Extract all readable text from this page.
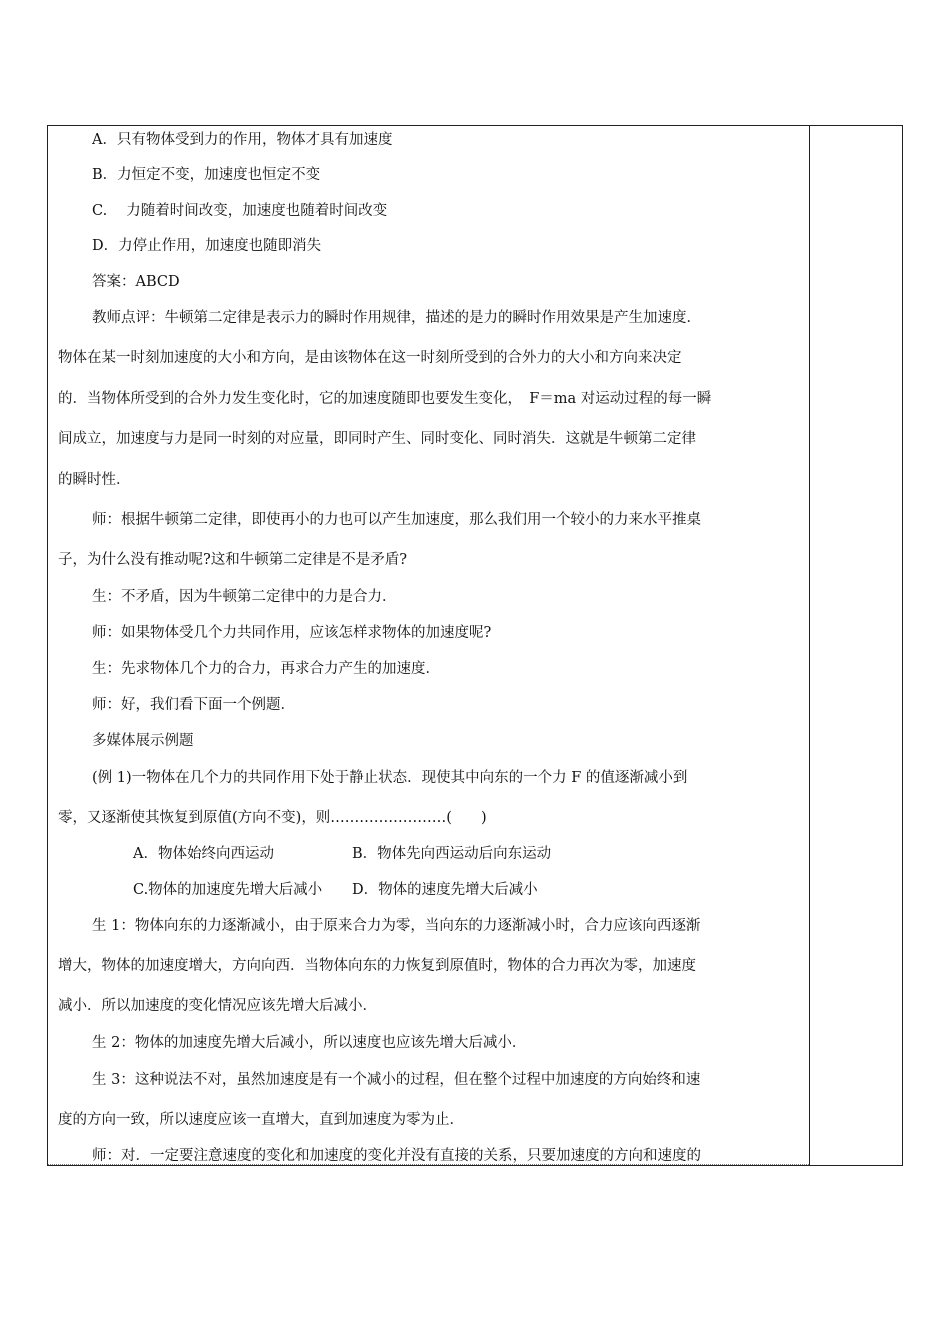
A．只有物体受到力的作用，物体才具有加速度
B．力恒定不变，加速度也恒定不变
C.　 力随着时间改变，加速度也随着时间改变
D．力停止作用，加速度也随即消失
答案：ABCD
教师点评：牛顿第二定律是表示力的瞬时作用规律，描述的是力的瞬时作用效果是产生加速度．
物体在某一时刻加速度的大小和方向，是由该物体在这一时刻所受到的合外力的大小和方向来决定
的．当物体所受到的合外力发生变化时，它的加速度随即也要发生变化，　F＝ma 对运动过程的每一瞬
间成立，加速度与力是同一时刻的对应量，即同时产生、同时变化、同时消失．这就是牛顿第二定律
的瞬时性．
师：根据牛顿第二定律，即使再小的力也可以产生加速度，那么我们用一个较小的力来水平推桌
子，为什么没有推动呢?这和牛顿第二定律是不是矛盾?
生：不矛盾，因为牛顿第二定律中的力是合力．
师：如果物体受几个力共同作用，应该怎样求物体的加速度呢?
生：先求物体几个力的合力，再求合力产生的加速度．
师：好，我们看下面一个例题．
多媒体展示例题
(例 1)一物体在几个力的共同作用下处于静止状态．现使其中向东的一个力 F 的值逐渐减小到
零，又逐渐使其恢复到原值(方向不变)，则……………………(　　)
A．物体始终向西运动	B．物体先向西运动后向东运动
C.物体的加速度先增大后减小 D．物体的速度先增大后减小
生 1：物体向东的力逐渐减小，由于原来合力为零，当向东的力逐渐减小时，合力应该向西逐渐
增大，物体的加速度增大，方向向西．当物体向东的力恢复到原值时，物体的合力再次为零，加速度
减小．所以加速度的变化情况应该先增大后减小．
生 2：物体的加速度先增大后减小，所以速度也应该先增大后减小．
生 3：这种说法不对，虽然加速度是有一个减小的过程，但在整个过程中加速度的方向始终和速
度的方向一致，所以速度应该一直增大，直到加速度为零为止．
师：对．一定要注意速度的变化和加速度的变化并没有直接的关系，只要加速度的方向和速度的
